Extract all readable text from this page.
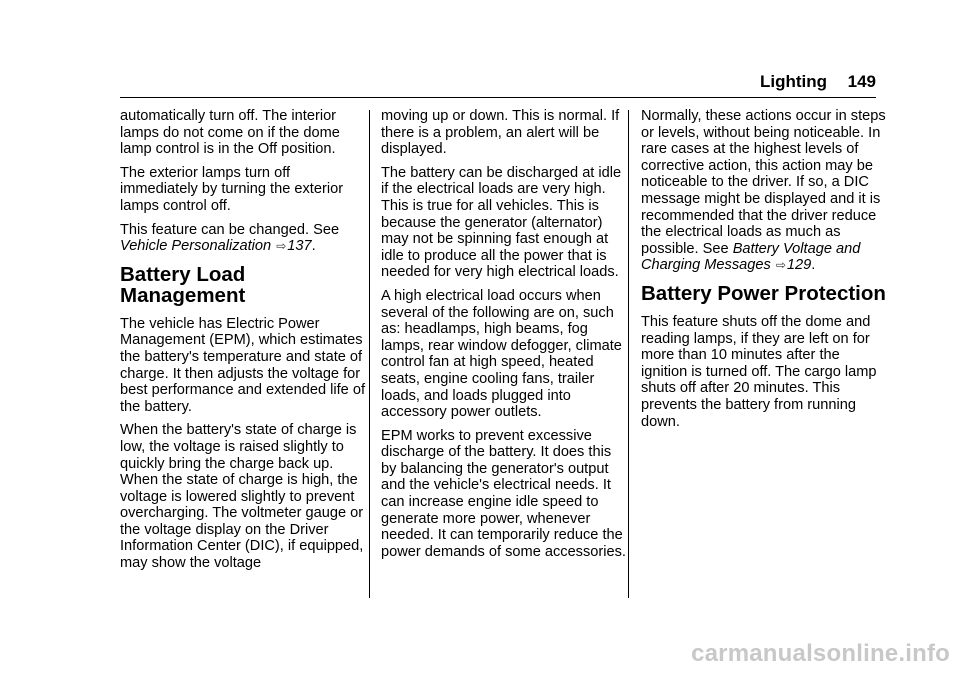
Lighting	149

automatically turn off. The interior lamps do not come on if the dome lamp control is in the Off position.

The exterior lamps turn off immediately by turning the exterior lamps control off.

This feature can be changed. See Vehicle Personalization ⇨137.

Battery Load Management

The vehicle has Electric Power Management (EPM), which estimates the battery's temperature and state of charge. It then adjusts the voltage for best performance and extended life of the battery.

When the battery's state of charge is low, the voltage is raised slightly to quickly bring the charge back up. When the state of charge is high, the voltage is lowered slightly to prevent overcharging. The voltmeter gauge or the voltage display on the Driver Information Center (DIC), if equipped, may show the voltage

moving up or down. This is normal. If there is a problem, an alert will be displayed.

The battery can be discharged at idle if the electrical loads are very high. This is true for all vehicles. This is because the generator (alternator) may not be spinning fast enough at idle to produce all the power that is needed for very high electrical loads.

A high electrical load occurs when several of the following are on, such as: headlamps, high beams, fog lamps, rear window defogger, climate control fan at high speed, heated seats, engine cooling fans, trailer loads, and loads plugged into accessory power outlets.

EPM works to prevent excessive discharge of the battery. It does this by balancing the generator's output and the vehicle's electrical needs. It can increase engine idle speed to generate more power, whenever needed. It can temporarily reduce the power demands of some accessories.

Normally, these actions occur in steps or levels, without being noticeable. In rare cases at the highest levels of corrective action, this action may be noticeable to the driver. If so, a DIC message might be displayed and it is recommended that the driver reduce the electrical loads as much as possible. See Battery Voltage and Charging Messages ⇨129.

Battery Power Protection

This feature shuts off the dome and reading lamps, if they are left on for more than 10 minutes after the ignition is turned off. The cargo lamp shuts off after 20 minutes. This prevents the battery from running down.

carmanualsonline.info
